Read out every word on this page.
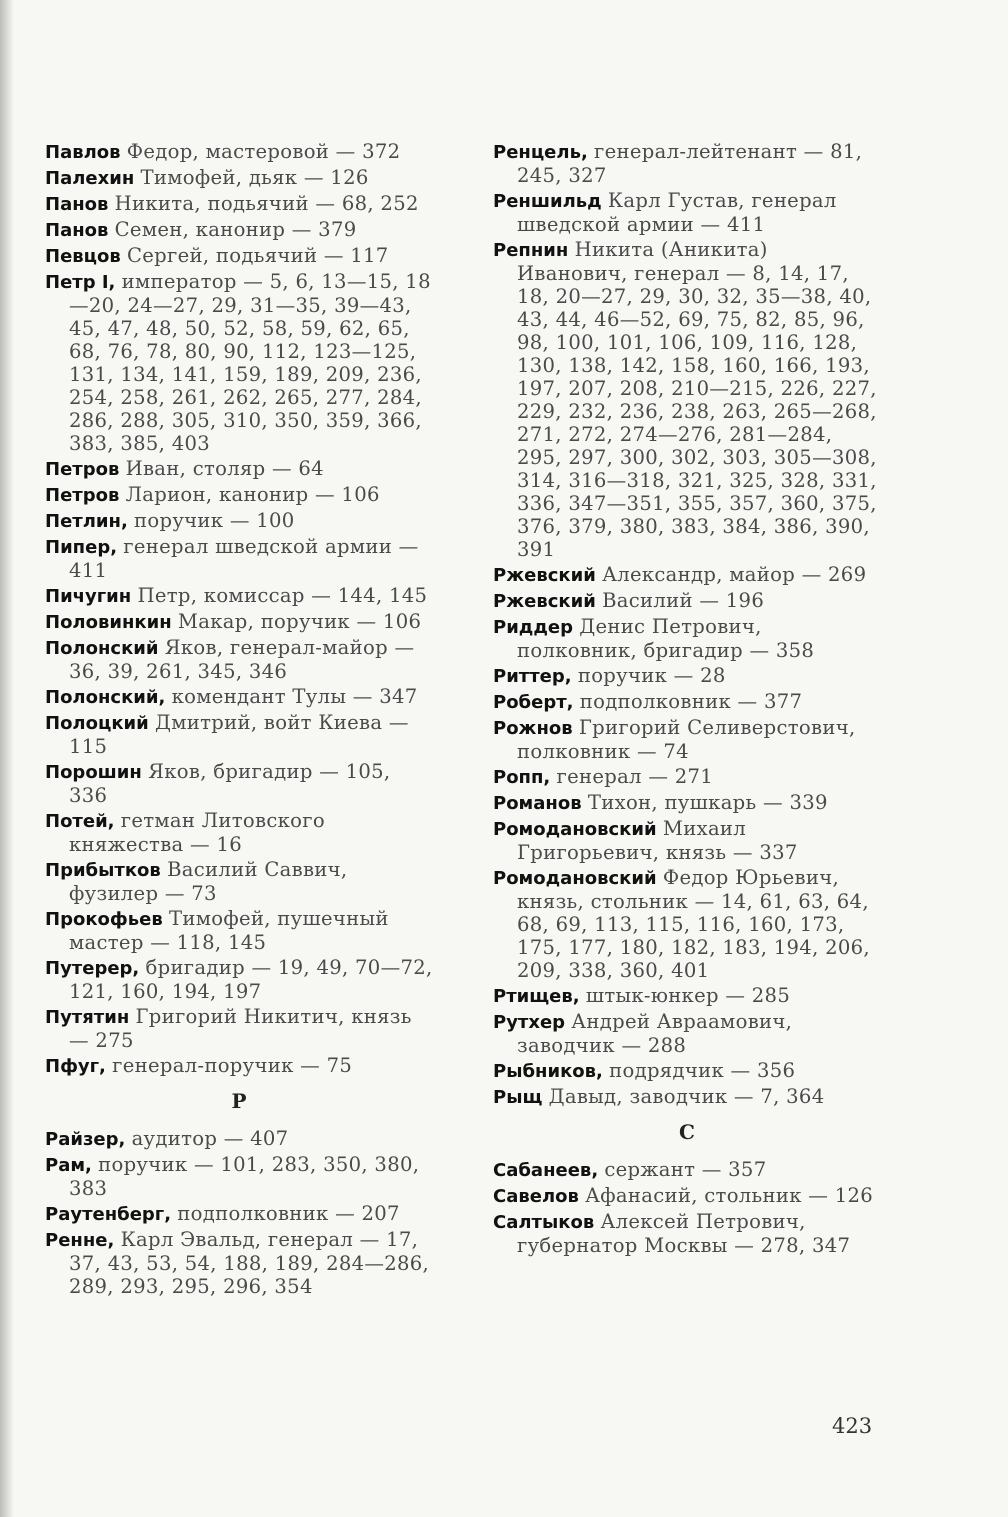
Павлов Федор, мастеровой — 372

Палехин Тимофей, дьяк — 126

Панов Никита, подьячий — 68, 252

Панов Семен, канонир — 379

Певцов Сергей, подьячий — 117

Петр I, император — 5, 6, 13—15, 18—20, 24—27, 29, 31—35, 39—43, 45, 47, 48, 50, 52, 58, 59, 62, 65, 68, 76, 78, 80, 90, 112, 123—125, 131, 134, 141, 159, 189, 209, 236, 254, 258, 261, 262, 265, 277, 284, 286, 288, 305, 310, 350, 359, 366, 383, 385, 403

Петров Иван, столяр — 64

Петров Ларион, канонир — 106

Петлин, поручик — 100

Пипер, генерал шведской армии — 411

Пичугин Петр, комиссар — 144, 145

Половинкин Макар, поручик — 106

Полонский Яков, генерал-майор — 36, 39, 261, 345, 346

Полонский, комендант Тулы — 347

Полоцкий Дмитрий, войт Киева — 115

Порошин Яков, бригадир — 105, 336

Потей, гетман Литовского княжества — 16

Прибытков Василий Саввич, фузилер — 73

Прокофьев Тимофей, пушечный мастер — 118, 145

Путерер, бригадир — 19, 49, 70—72, 121, 160, 194, 197

Путятин Григорий Никитич, князь — 275

Пфуг, генерал-поручик — 75

Р

Райзер, аудитор — 407

Рам, поручик — 101, 283, 350, 380, 383

Раутенберг, подполковник — 207

Ренне, Карл Эвальд, генерал — 17, 37, 43, 53, 54, 188, 189, 284—286, 289, 293, 295, 296, 354

Ренцель, генерал-лейтенант — 81, 245, 327

Реншильд Карл Густав, генерал шведской армии — 411

Репнин Никита (Аникита) Иванович, генерал — 8, 14, 17, 18, 20—27, 29, 30, 32, 35—38, 40, 43, 44, 46—52, 69, 75, 82, 85, 96, 98, 100, 101, 106, 109, 116, 128, 130, 138, 142, 158, 160, 166, 193, 197, 207, 208, 210—215, 226, 227, 229, 232, 236, 238, 263, 265—268, 271, 272, 274—276, 281—284, 295, 297, 300, 302, 303, 305—308, 314, 316—318, 321, 325, 328, 331, 336, 347—351, 355, 357, 360, 375, 376, 379, 380, 383, 384, 386, 390, 391

Ржевский Александр, майор — 269

Ржевский Василий — 196

Риддер Денис Петрович, полковник, бригадир — 358

Риттер, поручик — 28

Роберт, подполковник — 377

Рожнов Григорий Селиверстович, полковник — 74

Ропп, генерал — 271

Романов Тихон, пушкарь — 339

Ромодановский Михаил Григорьевич, князь — 337

Ромодановский Федор Юрьевич, князь, стольник — 14, 61, 63, 64, 68, 69, 113, 115, 116, 160, 173, 175, 177, 180, 182, 183, 194, 206, 209, 338, 360, 401

Ртищев, штык-юнкер — 285

Рутхер Андрей Авраамович, заводчик — 288

Рыбников, подрядчик — 356

Рыщ Давыд, заводчик — 7, 364

С

Сабанеев, сержант — 357

Савелов Афанасий, стольник — 126

Салтыков Алексей Петрович, губернатор Москвы — 278, 347

423
